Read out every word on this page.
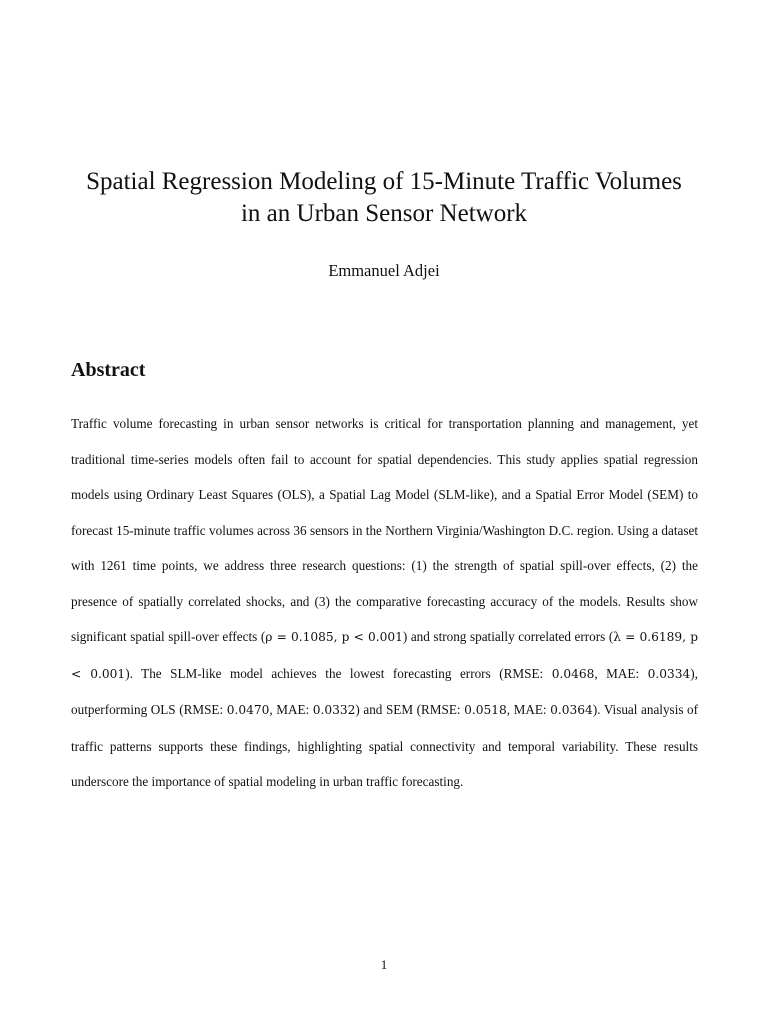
Spatial Regression Modeling of 15-Minute Traffic Volumes
in an Urban Sensor Network
Emmanuel Adjei
Abstract

Traffic volume forecasting in urban sensor networks is critical for transportation planning and management, yet traditional time-series models often fail to account for spatial dependencies. This study applies spatial regression models using Ordinary Least Squares (OLS), a Spatial Lag Model (SLM-like), and a Spatial Error Model (SEM) to forecast 15-minute traffic volumes across 36 sensors in the Northern Virginia/Washington D.C. region. Using a dataset with 1261 time points, we address three research questions: (1) the strength of spatial spill-over effects, (2) the presence of spatially correlated shocks, and (3) the comparative forecasting accuracy of the models. Results show significant spatial spill-over effects (ρ = 0.1085, p < 0.001) and strong spatially correlated errors (λ = 0.6189, p < 0.001). The SLM-like model achieves the lowest forecasting errors (RMSE: 0.0468, MAE: 0.0334), outperforming OLS (RMSE: 0.0470, MAE: 0.0332) and SEM (RMSE: 0.0518, MAE: 0.0364). Visual analysis of traffic patterns supports these findings, highlighting spatial connectivity and temporal variability. These results underscore the importance of spatial modeling in urban traffic forecasting.

1
